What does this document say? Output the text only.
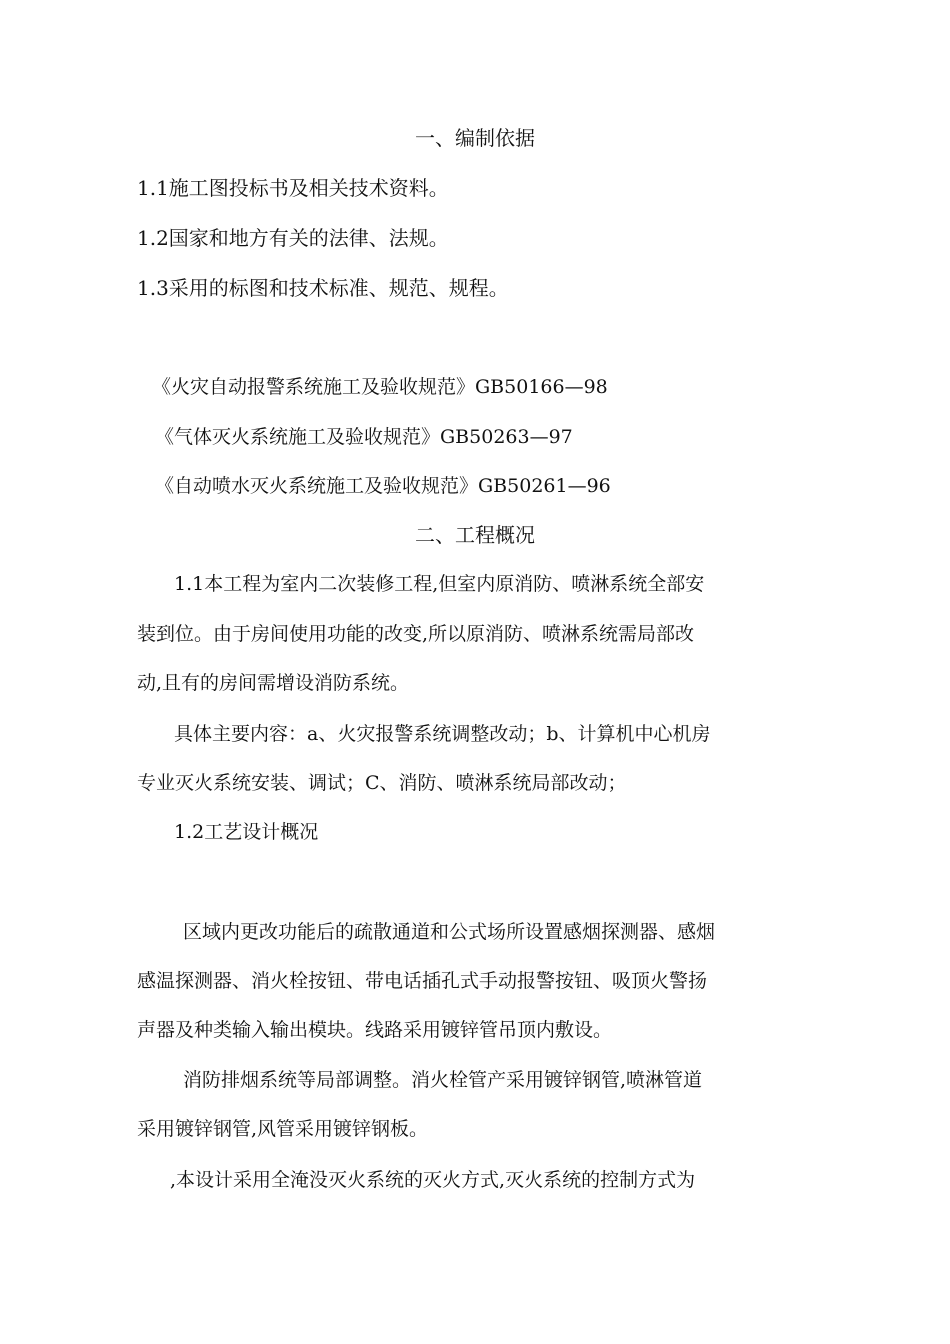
一、编制依据
1.1施工图投标书及相关技术资料。
1.2国家和地方有关的法律、法规。
1.3采用的标图和技术标准、规范、规程。
《火灾自动报警系统施工及验收规范》GB50166—98
《气体灭火系统施工及验收规范》GB50263—97
《自动喷水灭火系统施工及验收规范》GB50261—96
二、工程概况
1.1本工程为室内二次装修工程,但室内原消防、喷淋系统全部安
装到位。由于房间使用功能的改变,所以原消防、喷淋系统需局部改
动,且有的房间需增设消防系统。
具体主要内容：a、火灾报警系统调整改动；b、计算机中心机房
专业灭火系统安装、调试；C、消防、喷淋系统局部改动；
1.2工艺设计概况
区域内更改功能后的疏散通道和公式场所设置感烟探测器、感烟
感温探测器、消火栓按钮、带电话插孔式手动报警按钮、吸顶火警扬
声器及种类输入输出模块。线路采用镀锌管吊顶内敷设。
消防排烟系统等局部调整。消火栓管产采用镀锌钢管,喷淋管道
采用镀锌钢管,风管采用镀锌钢板。
,本设计采用全淹没灭火系统的灭火方式,灭火系统的控制方式为
